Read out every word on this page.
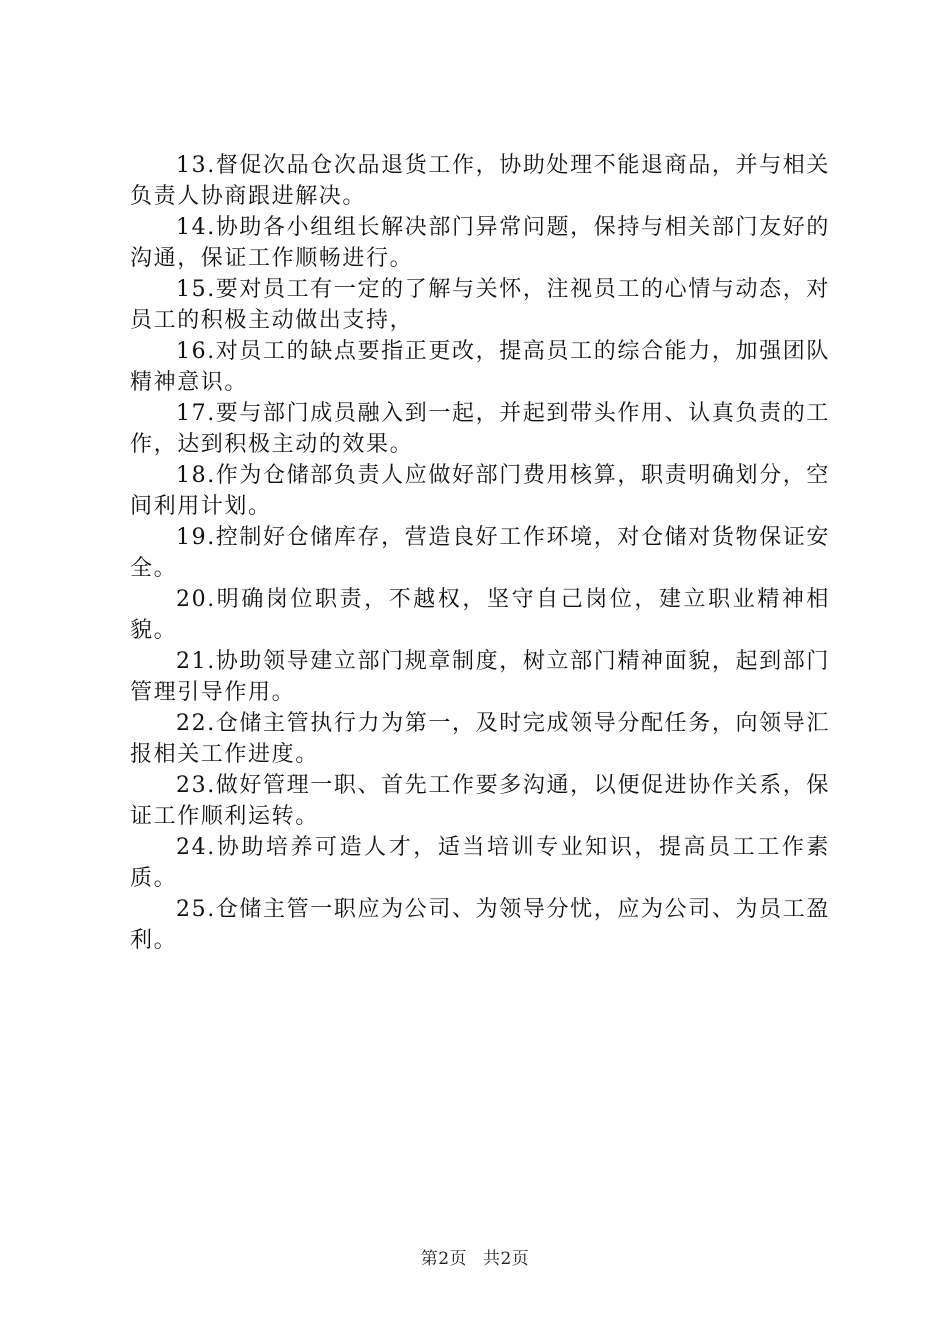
13.督促次品仓次品退货工作，协助处理不能退商品，并与相关负责人协商跟进解决。

14.协助各小组组长解决部门异常问题，保持与相关部门友好的沟通，保证工作顺畅进行。

15.要对员工有一定的了解与关怀，注视员工的心情与动态，对员工的积极主动做出支持，

16.对员工的缺点要指正更改，提高员工的综合能力，加强团队精神意识。

17.要与部门成员融入到一起，并起到带头作用、认真负责的工作，达到积极主动的效果。

18.作为仓储部负责人应做好部门费用核算，职责明确划分，空间利用计划。

19.控制好仓储库存，营造良好工作环境，对仓储对货物保证安全。

20.明确岗位职责，不越权，坚守自己岗位，建立职业精神相貌。

21.协助领导建立部门规章制度，树立部门精神面貌，起到部门管理引导作用。

22.仓储主管执行力为第一，及时完成领导分配任务，向领导汇报相关工作进度。

23.做好管理一职、首先工作要多沟通，以便促进协作关系，保证工作顺利运转。

24.协助培养可造人才，适当培训专业知识，提高员工工作素质。

25.仓储主管一职应为公司、为领导分忧，应为公司、为员工盈利。

第2页 共2页
